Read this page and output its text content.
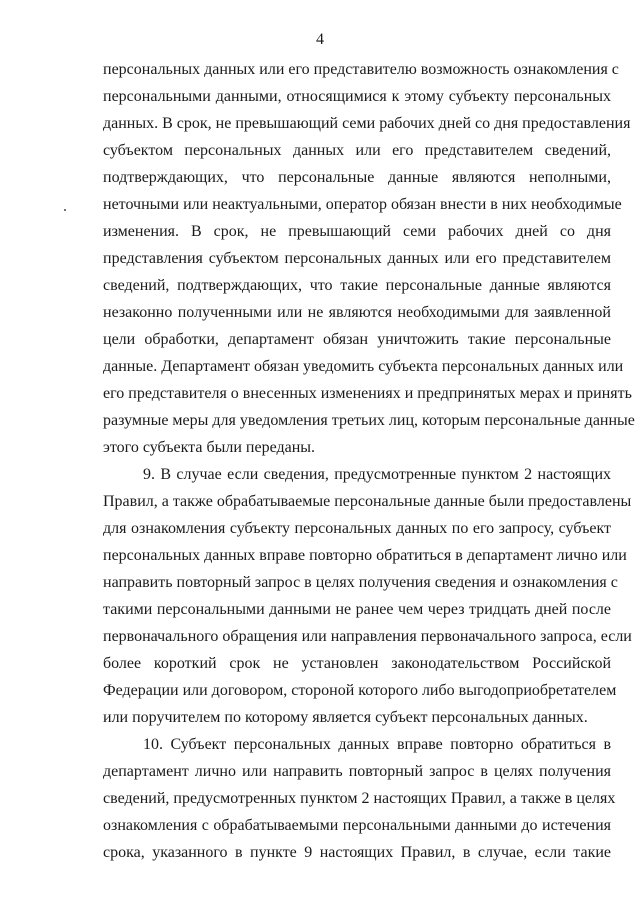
4
персональных данных или его представителю возможность ознакомления с
персональными данными, относящимися к этому субъекту персональных
данных. В срок, не превышающий семи рабочих дней со дня предоставления
субъектом персональных данных или его представителем сведений,
подтверждающих, что персональные данные являются неполными,
неточными или неактуальными, оператор обязан внести в них необходимые
изменения. В срок, не превышающий семи рабочих дней со дня
представления субъектом персональных данных или его представителем
сведений, подтверждающих, что такие персональные данные являются
незаконно полученными или не являются необходимыми для заявленной
цели обработки, департамент обязан уничтожить такие персональные
данные. Департамент обязан уведомить субъекта персональных данных или
его представителя о внесенных изменениях и предпринятых мерах и принять
разумные меры для уведомления третьих лиц, которым персональные данные
этого субъекта были переданы.
9. В случае если сведения, предусмотренные пунктом 2 настоящих
Правил, а также обрабатываемые персональные данные были предоставлены
для ознакомления субъекту персональных данных по его запросу, субъект
персональных данных вправе повторно обратиться в департамент лично или
направить повторный запрос в целях получения сведения и ознакомления с
такими персональными данными не ранее чем через тридцать дней после
первоначального обращения или направления первоначального запроса, если
более короткий срок не установлен законодательством Российской
Федерации или договором, стороной которого либо выгодоприобретателем
или поручителем по которому является субъект персональных данных.
10. Субъект персональных данных вправе повторно обратиться в
департамент лично или направить повторный запрос в целях получения
сведений, предусмотренных пунктом 2 настоящих Правил, а также в целях
ознакомления с обрабатываемыми персональными данными до истечения
срока, указанного в пункте 9 настоящих Правил, в случае, если такие
